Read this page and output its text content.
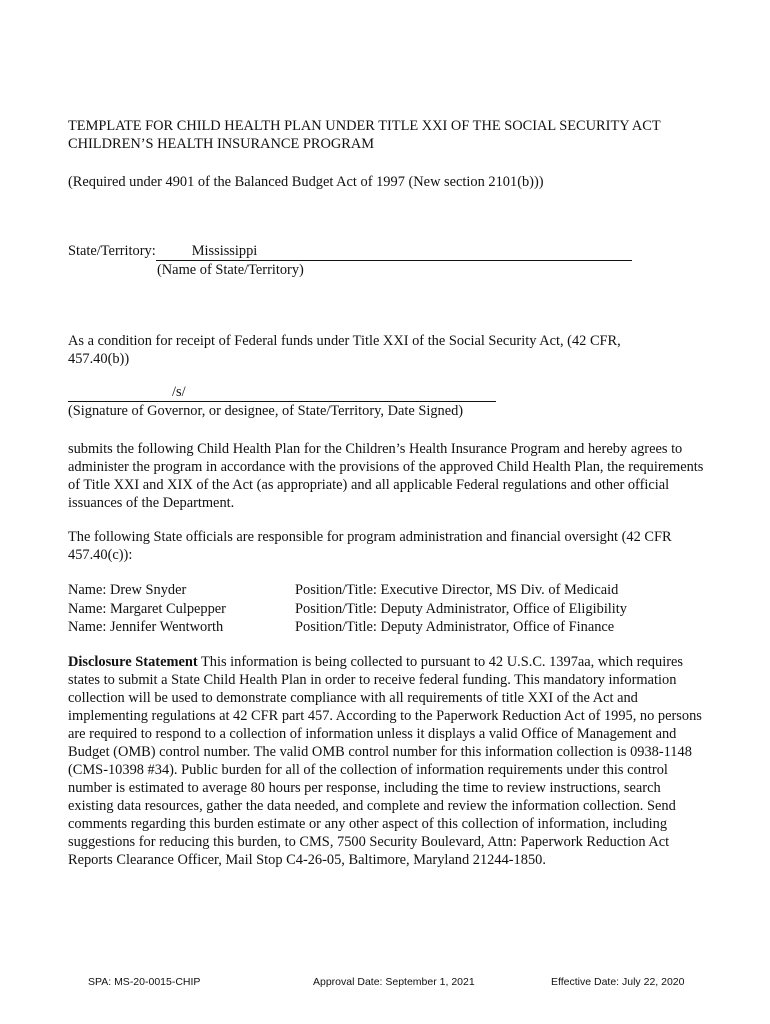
TEMPLATE FOR CHILD HEALTH PLAN UNDER TITLE XXI OF THE SOCIAL SECURITY ACT
CHILDREN’S HEALTH INSURANCE PROGRAM

(Required under 4901 of the Balanced Budget Act of 1997 (New section 2101(b)))

State/Territory:	Mississippi
(Name of State/Territory)

As a condition for receipt of Federal funds under Title XXI of the Social Security Act, (42 CFR, 457.40(b))

/s/
(Signature of Governor, or designee, of State/Territory, Date Signed)

submits the following Child Health Plan for the Children’s Health Insurance Program and hereby agrees to administer the program in accordance with the provisions of the approved Child Health Plan, the requirements of Title XXI and XIX of the Act (as appropriate) and all applicable Federal regulations and other official issuances of the Department.

The following State officials are responsible for program administration and financial oversight (42 CFR 457.40(c)):

Name: Drew Snyder	Position/Title: Executive Director, MS Div. of Medicaid
Name: Margaret Culpepper	Position/Title: Deputy Administrator, Office of Eligibility
Name: Jennifer Wentworth	Position/Title: Deputy Administrator, Office of Finance

Disclosure Statement This information is being collected to pursuant to 42 U.S.C. 1397aa, which requires states to submit a State Child Health Plan in order to receive federal funding. This mandatory information collection will be used to demonstrate compliance with all requirements of title XXI of the Act and implementing regulations at 42 CFR part 457. According to the Paperwork Reduction Act of 1995, no persons are required to respond to a collection of information unless it displays a valid Office of Management and Budget (OMB) control number. The valid OMB control number for this information collection is 0938-1148 (CMS-10398 #34). Public burden for all of the collection of information requirements under this control number is estimated to average 80 hours per response, including the time to review instructions, search existing data resources, gather the data needed, and complete and review the information collection. Send comments regarding this burden estimate or any other aspect of this collection of information, including suggestions for reducing this burden, to CMS, 7500 Security Boulevard, Attn: Paperwork Reduction Act Reports Clearance Officer, Mail Stop C4-26-05, Baltimore, Maryland 21244-1850.

SPA: MS-20-0015-CHIP	Approval Date: September 1, 2021	Effective Date: July 22, 2020
